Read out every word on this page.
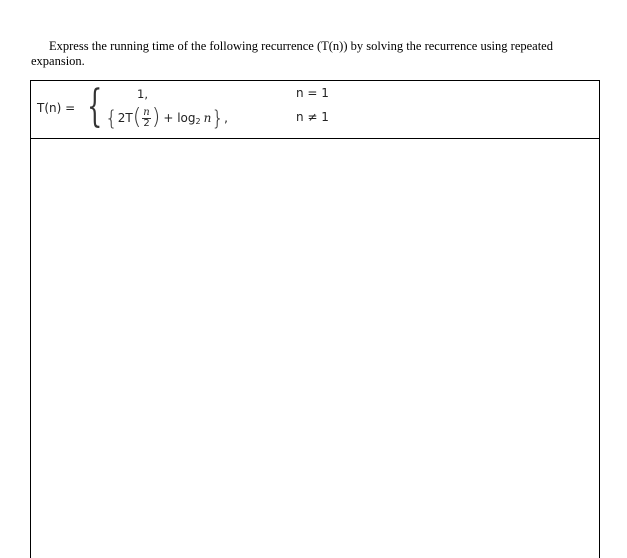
Express the running time of the following recurrence (T(n)) by solving the recurrence using repeated
expansion.
T(n) = {	1,	n = 1
{ 2T ( $\frac{n}{2}$ ) + log 2 n } ,	n ≠ 1
